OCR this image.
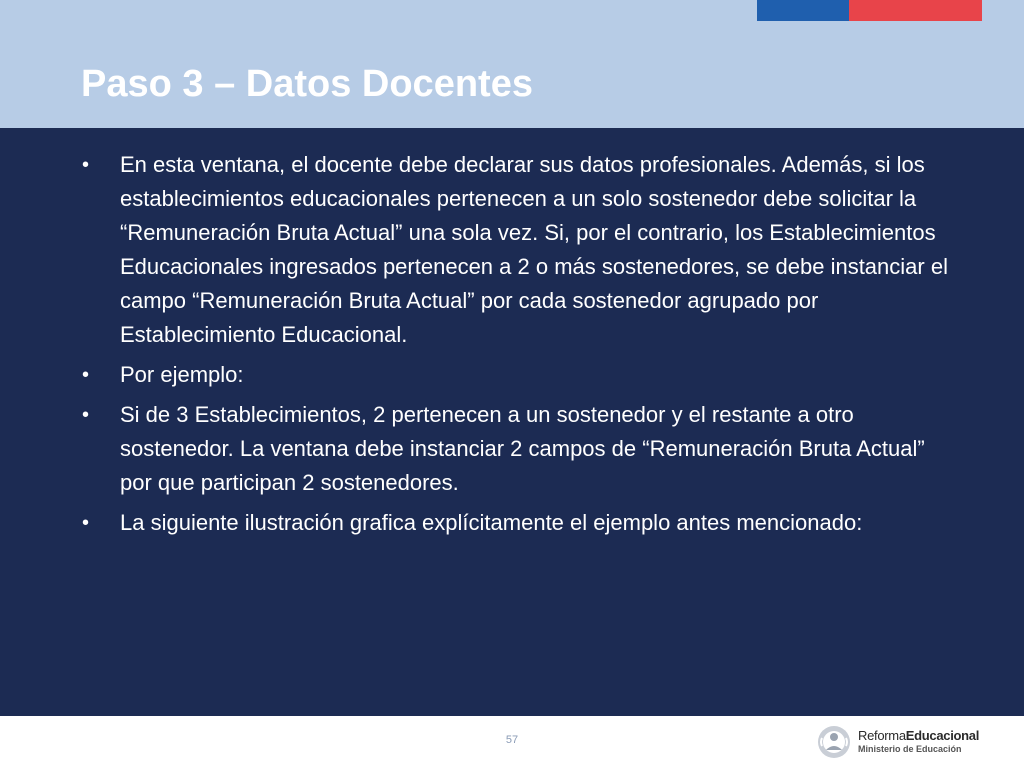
Paso 3 – Datos Docentes
•	En esta ventana, el docente debe declarar sus datos profesionales. Además, si los establecimientos educacionales pertenecen a un solo sostenedor debe solicitar la “Remuneración Bruta Actual” una sola vez. Si, por el contrario, los Establecimientos Educacionales ingresados pertenecen a 2 o más sostenedores, se debe instanciar el campo “Remuneración Bruta Actual” por cada sostenedor agrupado por Establecimiento Educacional.
•	Por ejemplo:
•	Si de 3 Establecimientos, 2 pertenecen a un sostenedor y el restante a otro sostenedor. La ventana debe instanciar 2 campos de “Remuneración Bruta Actual” por que participan 2 sostenedores.
•	La siguiente ilustración grafica explícitamente el ejemplo antes mencionado:
57	ReformaEducacional
Ministerio de Educación
